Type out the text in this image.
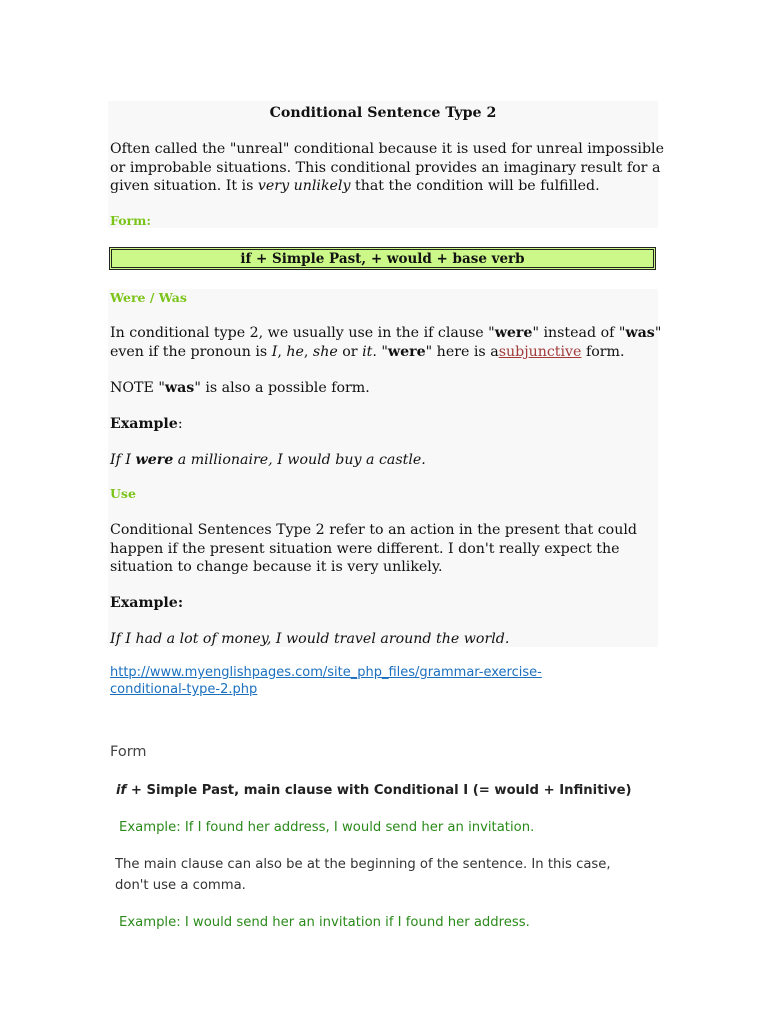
Conditional Sentence Type 2
Often called the "unreal" conditional because it is used for unreal impossible
or improbable situations. This conditional provides an imaginary result for a
given situation. It is very unlikely that the condition will be fulfilled.
Form:
if + Simple Past, + would + base verb
Were / Was
In conditional type 2, we usually use in the if clause "were" instead of "was"
even if the pronoun is I, he, she or it. "were" here is asubjunctive form.
NOTE "was" is also a possible form.
Example:
If I were a millionaire, I would buy a castle.
Use
Conditional Sentences Type 2 refer to an action in the present that could
happen if the present situation were different. I don't really expect the
situation to change because it is very unlikely.
Example:
If I had a lot of money, I would travel around the world.
http://www.myenglishpages.com/site_php_files/grammar-exercise-
conditional-type-2.php
Form
if + Simple Past, main clause with Conditional I (= would + Infinitive)
Example: If I found her address, I would send her an invitation.
The main clause can also be at the beginning of the sentence. In this case,
don't use a comma.
Example: I would send her an invitation if I found her address.
